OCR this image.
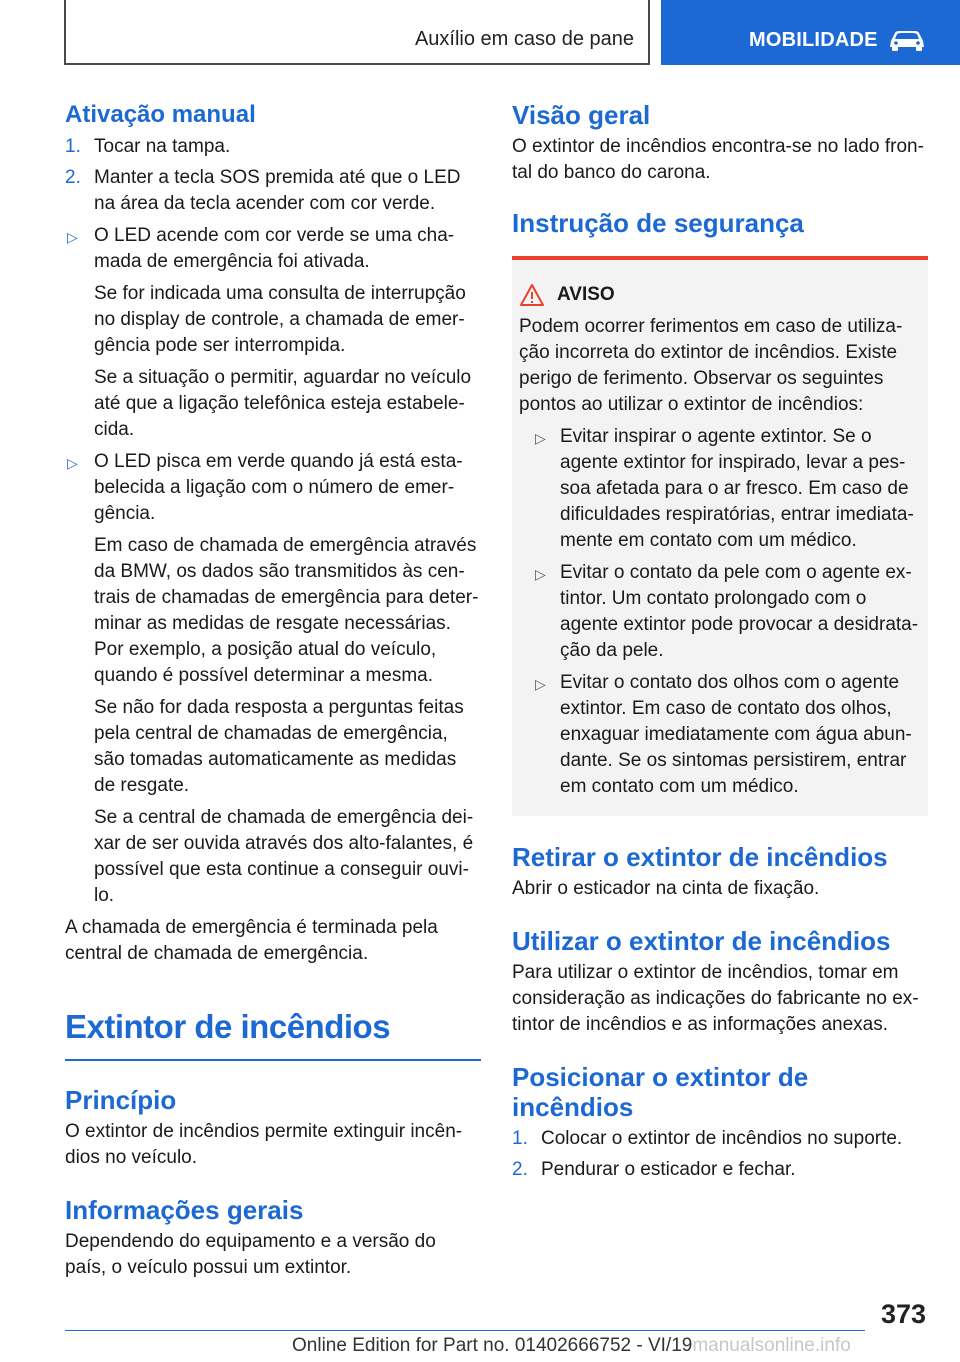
Auxílio em caso de pane	MOBILIDADE
Ativação manual
1. Tocar na tampa.
2. Manter a tecla SOS premida até que o LED na área da tecla acender com cor verde.
▷ O LED acende com cor verde se uma chamada de emergência foi ativada.
Se for indicada uma consulta de interrupção no display de controle, a chamada de emergência pode ser interrompida.
Se a situação o permitir, aguardar no veículo até que a ligação telefônica esteja estabelecida.
▷ O LED pisca em verde quando já está estabelecida a ligação com o número de emergência.
Em caso de chamada de emergência através da BMW, os dados são transmitidos às centrais de chamadas de emergência para determinar as medidas de resgate necessárias. Por exemplo, a posição atual do veículo, quando é possível determinar a mesma.
Se não for dada resposta a perguntas feitas pela central de chamadas de emergência, são tomadas automaticamente as medidas de resgate.
Se a central de chamada de emergência deixar de ser ouvida através dos alto-falantes, é possível que esta continue a conseguir ouvi-lo.
A chamada de emergência é terminada pela central de chamada de emergência.
Extintor de incêndios
Princípio
O extintor de incêndios permite extinguir incêndios no veículo.
Informações gerais
Dependendo do equipamento e a versão do país, o veículo possui um extintor.
Visão geral
O extintor de incêndios encontra-se no lado frontal do banco do carona.
Instrução de segurança
AVISO
Podem ocorrer ferimentos em caso de utilização incorreta do extintor de incêndios. Existe perigo de ferimento. Observar os seguintes pontos ao utilizar o extintor de incêndios:
▷ Evitar inspirar o agente extintor. Se o agente extintor for inspirado, levar a pessoa afetada para o ar fresco. Em caso de dificuldades respiratórias, entrar imediatamente em contato com um médico.
▷ Evitar o contato da pele com o agente extintor. Um contato prolongado com o agente extintor pode provocar a desidratação da pele.
▷ Evitar o contato dos olhos com o agente extintor. Em caso de contato dos olhos, enxaguar imediatamente com água abundante. Se os sintomas persistirem, entrar em contato com um médico.
Retirar o extintor de incêndios
Abrir o esticador na cinta de fixação.
Utilizar o extintor de incêndios
Para utilizar o extintor de incêndios, tomar em consideração as indicações do fabricante no extintor de incêndios e as informações anexas.
Posicionar o extintor de incêndios
1. Colocar o extintor de incêndios no suporte.
2. Pendurar o esticador e fechar.
373
Online Edition for Part no. 01402666752 - VI/19manualsonline.info
